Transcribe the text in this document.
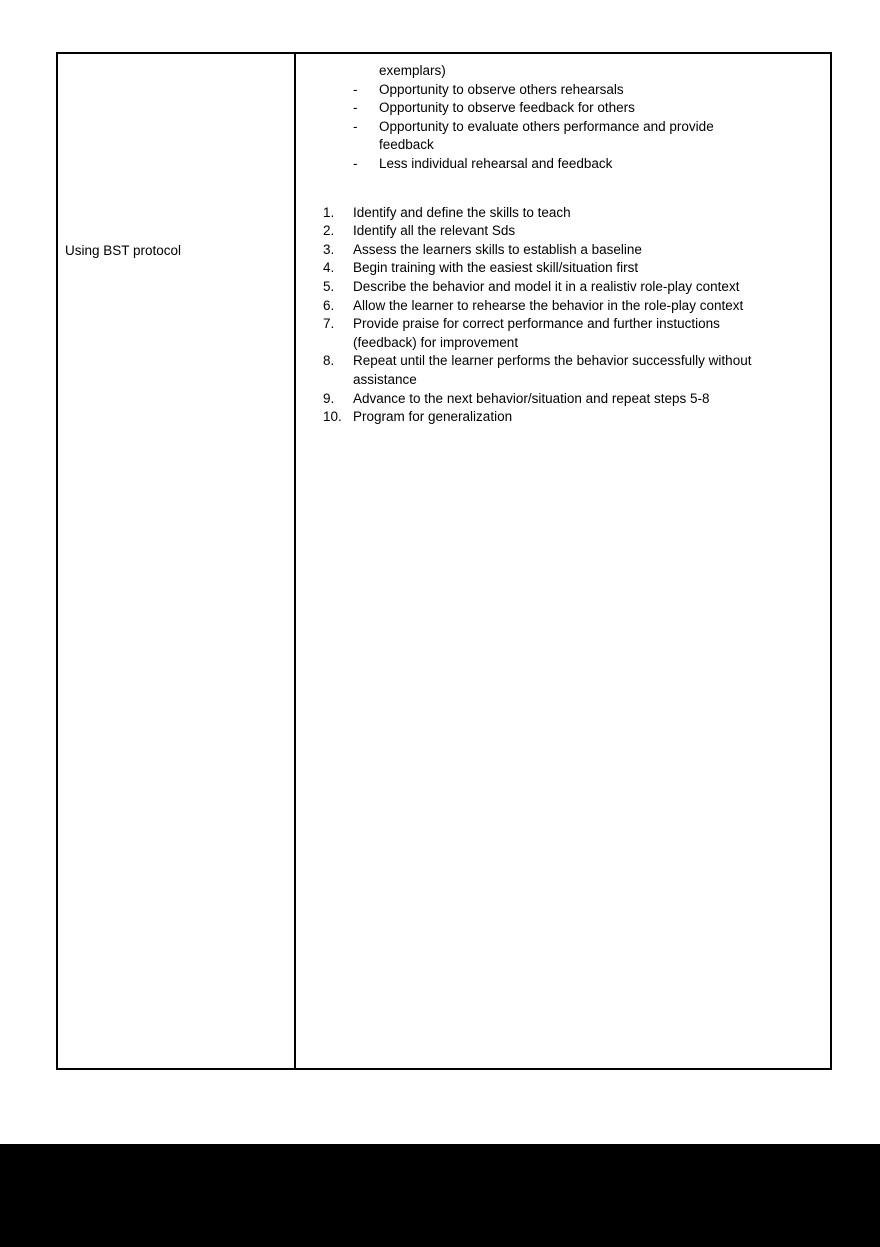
Using BST protocol
exemplars)
-	Opportunity to observe others rehearsals
-	Opportunity to observe feedback for others
-	Opportunity to evaluate others performance and provide
feedback
-	Less individual rehearsal and feedback
1.	Identify and define the skills to teach
2.	Identify all the relevant Sds
3.	Assess the learners skills to establish a baseline
4.	Begin training with the easiest skill/situation first
5.	Describe the behavior and model it in a realistiv role-play context
6.	Allow the learner to rehearse the behavior in the role-play context
7.	Provide praise for correct performance and further instuctions
(feedback) for improvement
8.	Repeat until the learner performs the behavior successfully without
assistance
9.	Advance to the next behavior/situation and repeat steps 5-8
10. Program for generalization
